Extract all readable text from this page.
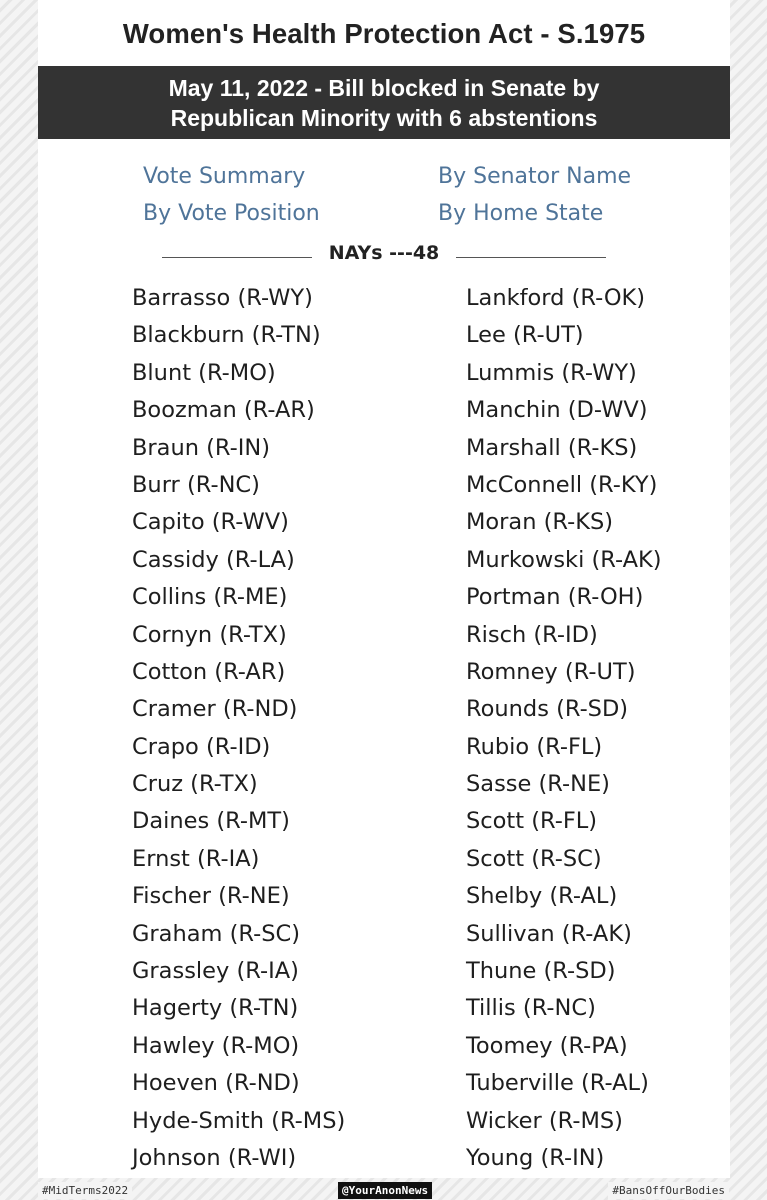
Women's Health Protection Act - S.1975
May 11, 2022 - Bill blocked in Senate by
Republican Minority with 6 abstentions
Vote Summary	By Senator Name
By Vote Position	By Home State
NAYs ---48
Barrasso (R-WY)
Blackburn (R-TN)
Blunt (R-MO)
Boozman (R-AR)
Braun (R-IN)
Burr (R-NC)
Capito (R-WV)
Cassidy (R-LA)
Collins (R-ME)
Cornyn (R-TX)
Cotton (R-AR)
Cramer (R-ND)
Crapo (R-ID)
Cruz (R-TX)
Daines (R-MT)
Ernst (R-IA)
Fischer (R-NE)
Graham (R-SC)
Grassley (R-IA)
Hagerty (R-TN)
Hawley (R-MO)
Hoeven (R-ND)
Hyde-Smith (R-MS)
Johnson (R-WI)
Lankford (R-OK)
Lee (R-UT)
Lummis (R-WY)
Manchin (D-WV)
Marshall (R-KS)
McConnell (R-KY)
Moran (R-KS)
Murkowski (R-AK)
Portman (R-OH)
Risch (R-ID)
Romney (R-UT)
Rounds (R-SD)
Rubio (R-FL)
Sasse (R-NE)
Scott (R-FL)
Scott (R-SC)
Shelby (R-AL)
Sullivan (R-AK)
Thune (R-SD)
Tillis (R-NC)
Toomey (R-PA)
Tuberville (R-AL)
Wicker (R-MS)
Young (R-IN)
#MidTerms2022	@YourAnonNews	#BansOffOurBodies
